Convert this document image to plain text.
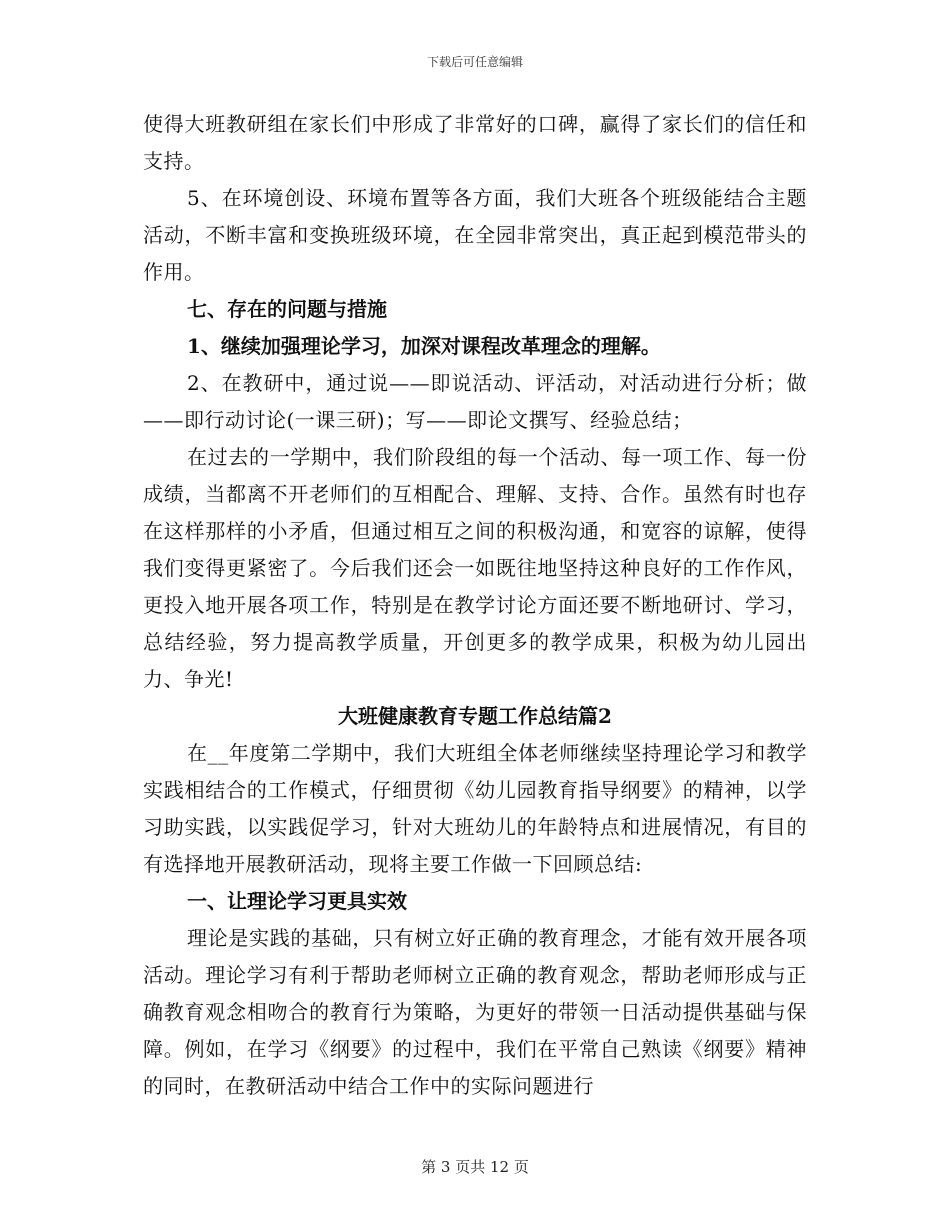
下载后可任意编辑

使得大班教研组在家长们中形成了非常好的口碑，赢得了家长们的信任和支持。

5、在环境创设、环境布置等各方面，我们大班各个班级能结合主题活动，不断丰富和变换班级环境，在全园非常突出，真正起到模范带头的作用。

七、存在的问题与措施

1、继续加强理论学习，加深对课程改革理念的理解。

2、在教研中，通过说——即说活动、评活动，对活动进行分析；做——即行动讨论(一课三研)；写——即论文撰写、经验总结；

在过去的一学期中，我们阶段组的每一个活动、每一项工作、每一份成绩，当都离不开老师们的互相配合、理解、支持、合作。虽然有时也存在这样那样的小矛盾，但通过相互之间的积极沟通，和宽容的谅解，使得我们变得更紧密了。今后我们还会一如既往地坚持这种良好的工作作风，更投入地开展各项工作，特别是在教学讨论方面还要不断地研讨、学习，总结经验，努力提高教学质量，开创更多的教学成果，积极为幼儿园出力、争光!

大班健康教育专题工作总结篇2

在__年度第二学期中，我们大班组全体老师继续坚持理论学习和教学实践相结合的工作模式，仔细贯彻《幼儿园教育指导纲要》的精神，以学习助实践，以实践促学习，针对大班幼儿的年龄特点和进展情况，有目的有选择地开展教研活动，现将主要工作做一下回顾总结:

一、让理论学习更具实效

理论是实践的基础，只有树立好正确的教育理念，才能有效开展各项活动。理论学习有利于帮助老师树立正确的教育观念，帮助老师形成与正确教育观念相吻合的教育行为策略，为更好的带领一日活动提供基础与保障。例如，在学习《纲要》的过程中，我们在平常自己熟读《纲要》精神的同时，在教研活动中结合工作中的实际问题进行

第 3 页共 12 页
